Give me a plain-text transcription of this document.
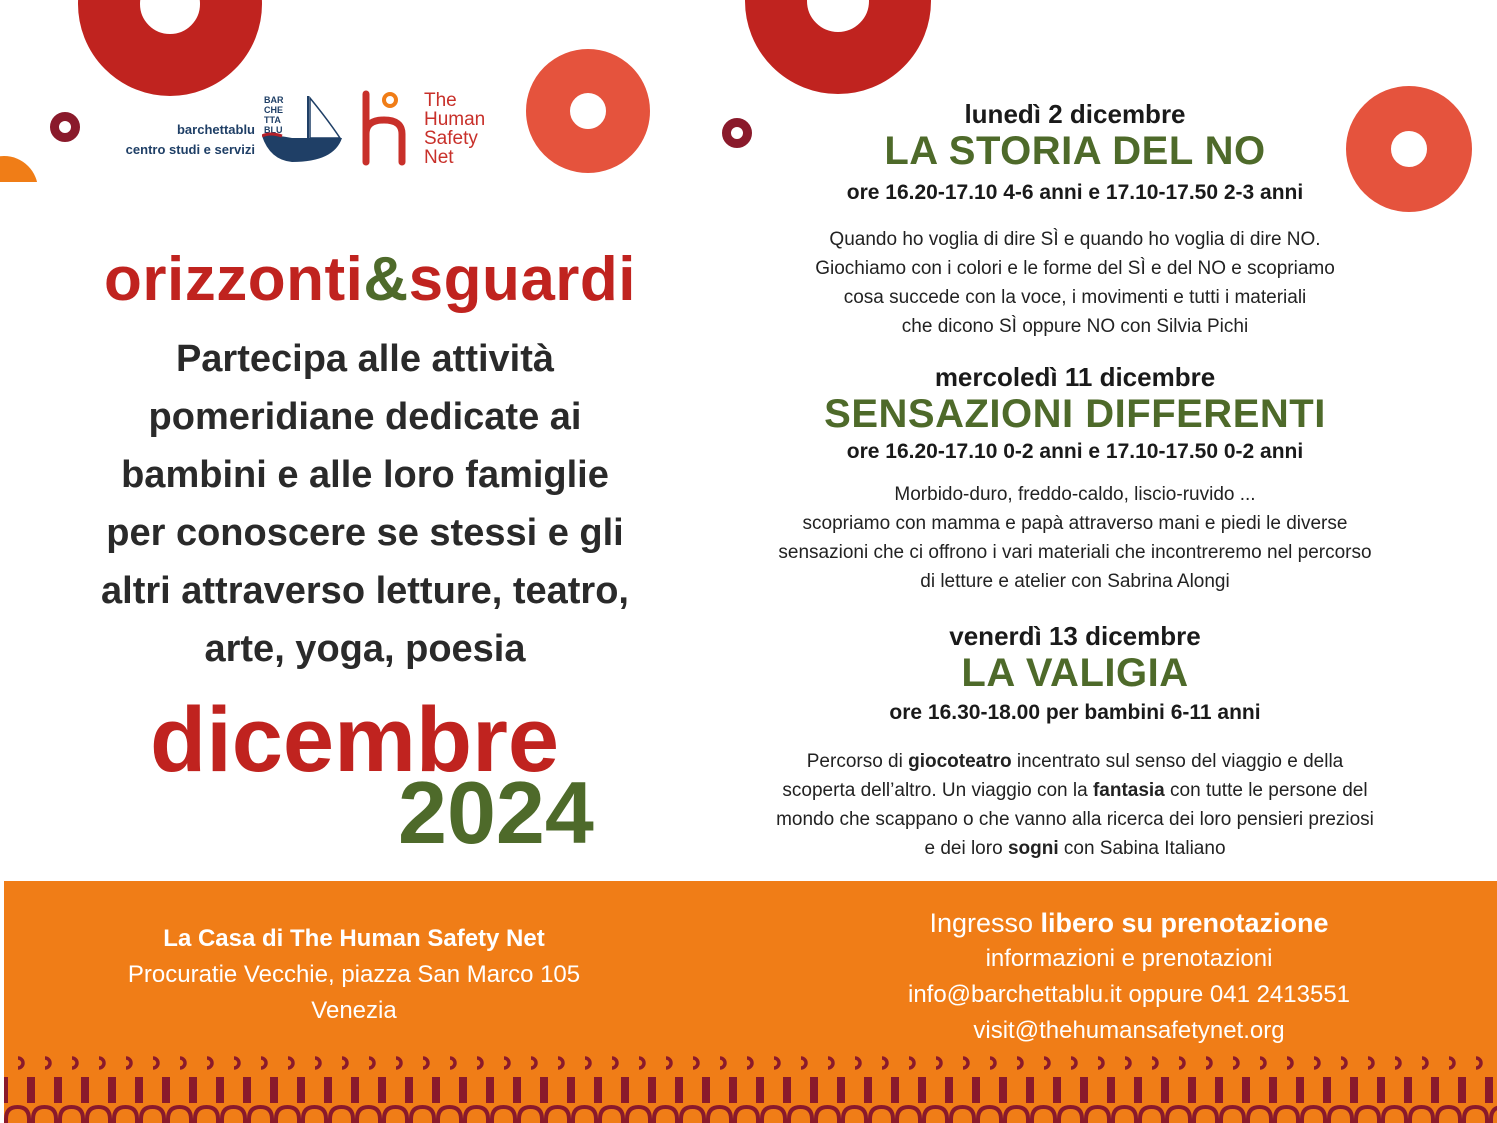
barchettablu
centro studi e servizi
BAR
CHE
TTA
BLU
The
Human
Safety
Net
orizzonti&sguardi
Partecipa alle attività
pomeridiane dedicate ai
bambini e alle loro famiglie
per conoscere se stessi e gli
altri attraverso letture, teatro,
arte, yoga, poesia
dicembre
2024
lunedì 2 dicembre
LA STORIA DEL NO
ore 16.20-17.10 4-6 anni e 17.10-17.50 2-3 anni
Quando ho voglia di dire SÌ e quando ho voglia di dire NO.
Giochiamo con i colori e le forme del SÌ e del NO e scopriamo
cosa succede con la voce, i movimenti e tutti i materiali
che dicono SÌ oppure NO con Silvia Pichi
mercoledì 11 dicembre
SENSAZIONI DIFFERENTI
ore 16.20-17.10 0-2 anni e 17.10-17.50 0-2 anni
Morbido-duro, freddo-caldo, liscio-ruvido ...
scopriamo con mamma e papà attraverso mani e piedi le diverse
sensazioni che ci offrono i vari materiali che incontreremo nel percorso
di letture e atelier con Sabrina Alongi
venerdì 13 dicembre
LA VALIGIA
ore 16.30-18.00 per bambini 6-11 anni
Percorso di giocoteatro incentrato sul senso del viaggio e della
scoperta dell’altro. Un viaggio con la fantasia con tutte le persone del
mondo che scappano o che vanno alla ricerca dei loro pensieri preziosi
e dei loro sogni con Sabina Italiano
La Casa di The Human Safety Net
Procuratie Vecchie, piazza San Marco 105
Venezia
Ingresso libero su prenotazione
informazioni e prenotazioni
info@barchettablu.it oppure 041 2413551
visit@thehumansafetynet.org
